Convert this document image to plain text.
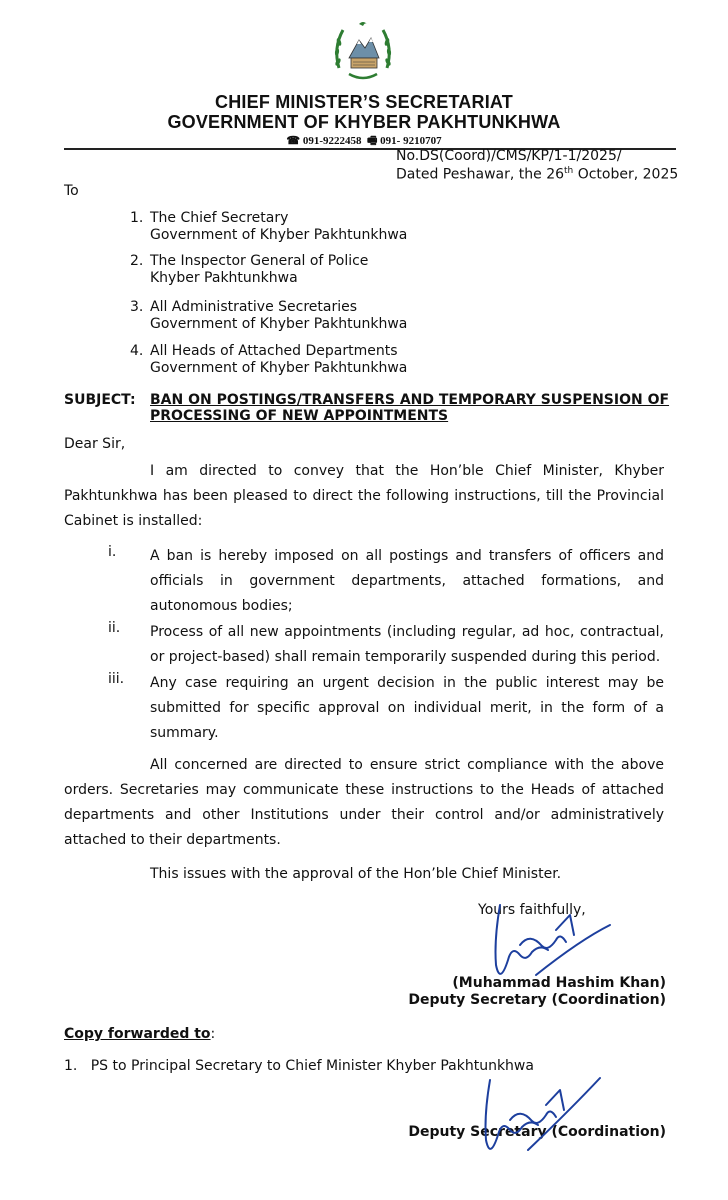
CHIEF MINISTER’S SECRETARIAT
GOVERNMENT OF KHYBER PAKHTUNKHWA
☎ 091-9222458 🖷 091- 9210707
No.DS(Coord)/CMS/KP/1-1/2025/
Dated Peshawar, the 26th October, 2025
To
1. The Chief Secretary
Government of Khyber Pakhtunkhwa
2. The Inspector General of Police
Khyber Pakhtunkhwa
3. All Administrative Secretaries
Government of Khyber Pakhtunkhwa
4. All Heads of Attached Departments
Government of Khyber Pakhtunkhwa
SUBJECT: BAN ON POSTINGS/TRANSFERS AND TEMPORARY SUSPENSION OF PROCESSING OF NEW APPOINTMENTS
Dear Sir,
I am directed to convey that the Hon’ble Chief Minister, Khyber Pakhtunkhwa has been pleased to direct the following instructions, till the Provincial Cabinet is installed:
i.	A ban is hereby imposed on all postings and transfers of officers and officials in government departments, attached formations, and autonomous bodies;
ii.	Process of all new appointments (including regular, ad hoc, contractual, or project-based) shall remain temporarily suspended during this period.
iii.	Any case requiring an urgent decision in the public interest may be submitted for specific approval on individual merit, in the form of a summary.
All concerned are directed to ensure strict compliance with the above orders. Secretaries may communicate these instructions to the Heads of attached departments and other Institutions under their control and/or administratively attached to their departments.
This issues with the approval of the Hon’ble Chief Minister.
Yours faithfully,
(Muhammad Hashim Khan)
Deputy Secretary (Coordination)
Copy forwarded to:
1. PS to Principal Secretary to Chief Minister Khyber Pakhtunkhwa
Deputy Secretary (Coordination)
